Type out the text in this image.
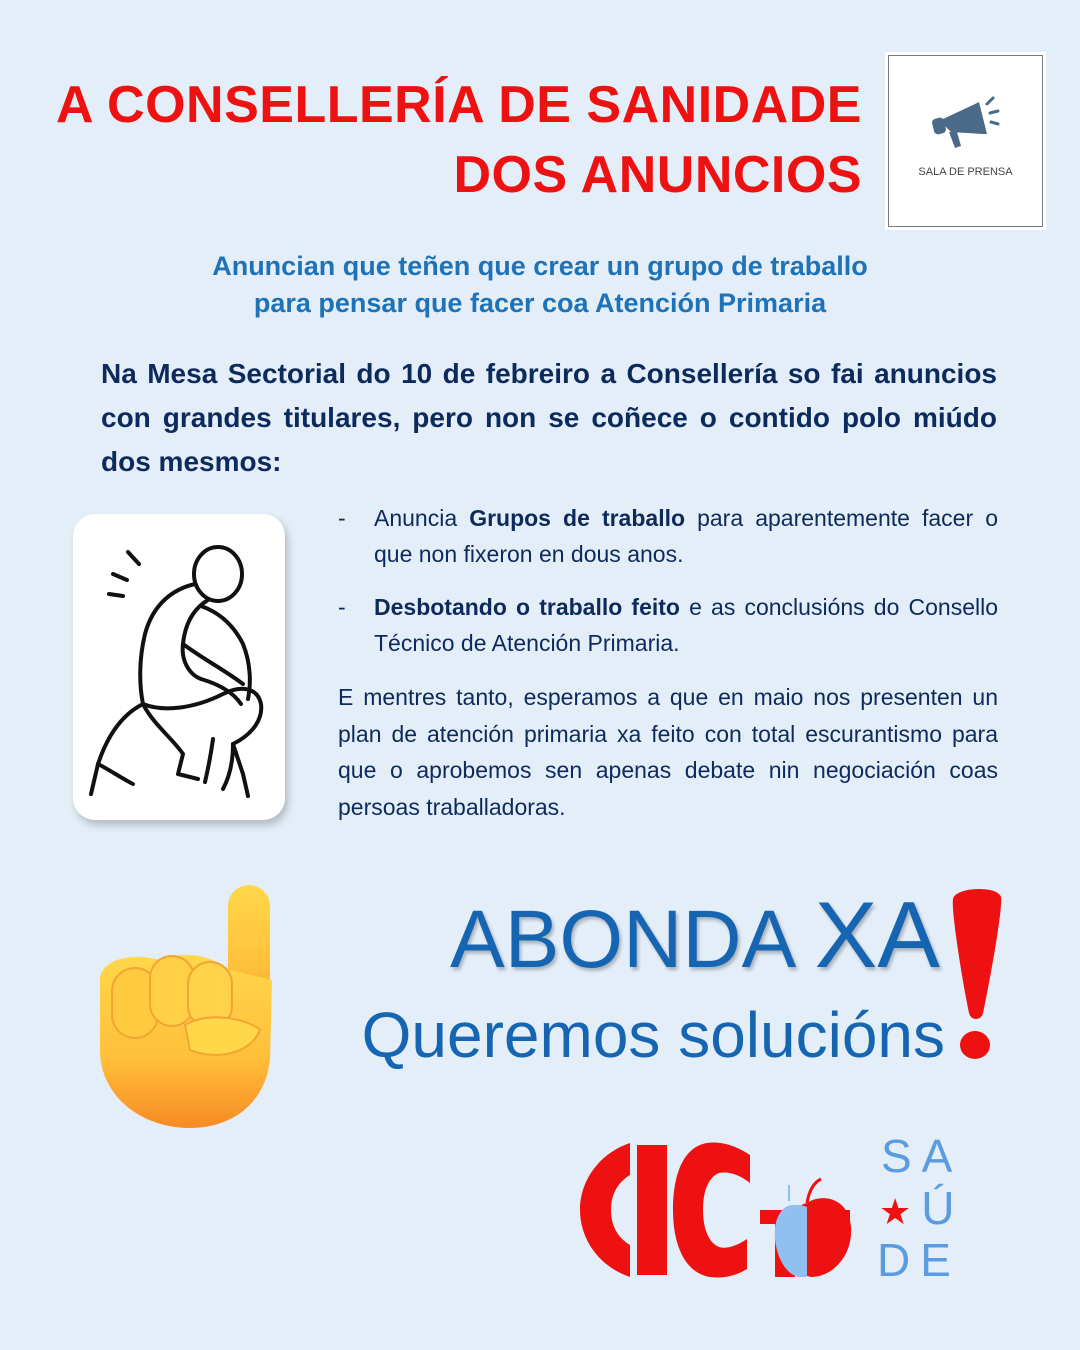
A CONSELLERÍA DE SANIDADE
DOS ANUNCIOS	SALA DE PRENSA
Anuncian que teñen que crear un grupo de traballo
para pensar que facer coa Atención Primaria
Na Mesa Sectorial do 10 de febreiro a Consellería so fai anuncios con grandes titulares, pero non se coñece o contido polo miúdo dos mesmos:
- Anuncia Grupos de traballo para aparentemente facer o que non fixeron en dous anos.
- Desbotando o traballo feito e as conclusións do Consello Técnico de Atención Primaria.
E mentres tanto, esperamos a que en maio nos presenten un plan de atención primaria xa feito con total escurantismo para que o aprobemos sen apenas debate nin negociación coas persoas traballadoras.
ABONDA XA
Queremos solucións
SA
★ Ú
DE
